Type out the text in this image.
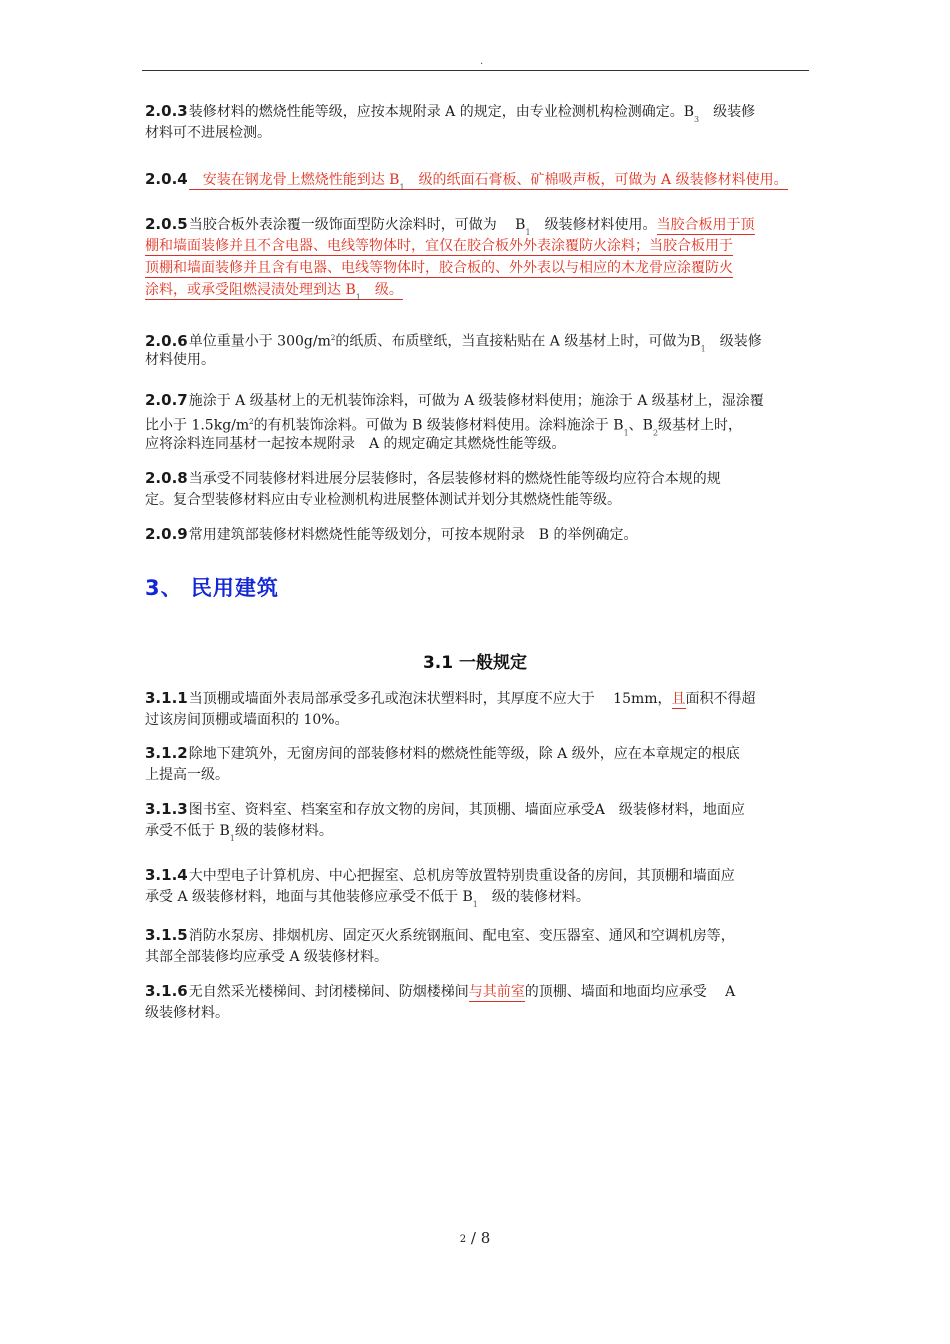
.
2.0.3装修材料的燃烧性能等级，应按本规附录 A 的规定，由专业检测机构检测确定。$B_3$　 级装修
材料可不进展检测。
2.0.4　 安装在钢龙骨上燃烧性能到达 $B_1$　 级的纸面石膏板、矿棉吸声板，可做为 A 级装修材料使用。
2.0.5当胶合板外表涂覆一级饰面型防火涂料时，可做为　 $B_1$　 级装修材料使用。当胶合板用于顶
棚和墙面装修并且不含电器、电线等物体时，宜仅在胶合板外外表涂覆防火涂料；当胶合板用于
顶棚和墙面装修并且含有电器、电线等物体时，胶合板的、外外表以与相应的木龙骨应涂覆防火
涂料，或承受阻燃浸渍处理到达 $B_1$　 级。
2.0.6单位重量小于 $300g/m^2$的纸质、布质壁纸，当直接粘贴在 A 级基材上时，可做为$B_1$　 级装修
材料使用。
2.0.7施涂于 A 级基材上的无机装饰涂料，可做为 A 级装修材料使用；施涂于 A 级基材上，湿涂覆
比小于 $1.5kg/m^2$的有机装饰涂料。可做为 B 级装修材料使用。涂料施涂于 $B_1$、$B_2$级基材上时，
应将涂料连同基材一起按本规附录　A 的规定确定其燃烧性能等级。
2.0.8当承受不同装修材料进展分层装修时，各层装修材料的燃烧性能等级均应符合本规的规
定。复合型装修材料应由专业检测机构进展整体测试并划分其燃烧性能等级。
2.0.9常用建筑部装修材料燃烧性能等级划分，可按本规附录　B 的举例确定。
3、 民用建筑
3.1 一般规定
3.1.1当顶棚或墙面外表局部承受多孔或泡沫状塑料时，其厚度不应大于　 15mm，且面积不得超
过该房间顶棚或墙面积的 10%。
3.1.2除地下建筑外，无窗房间的部装修材料的燃烧性能等级，除 A 级外，应在本章规定的根底
上提高一级。
3.1.3图书室、资料室、档案室和存放文物的房间，其顶棚、墙面应承受A　级装修材料，地面应
承受不低于 $B_1$级的装修材料。
3.1.4大中型电子计算机房、中心把握室、总机房等放置特别贵重设备的房间，其顶棚和墙面应
承受 A 级装修材料，地面与其他装修应承受不低于 $B_1$　 级的装修材料。
3.1.5消防水泵房、排烟机房、固定灭火系统钢瓶间、配电室、变压器室、通风和空调机房等，
其部全部装修均应承受 A 级装修材料。
3.1.6无自然采光楼梯间、封闭楼梯间、防烟楼梯间与其前室的顶棚、墙面和地面均应承受　 A
级装修材料。
2 / 8
